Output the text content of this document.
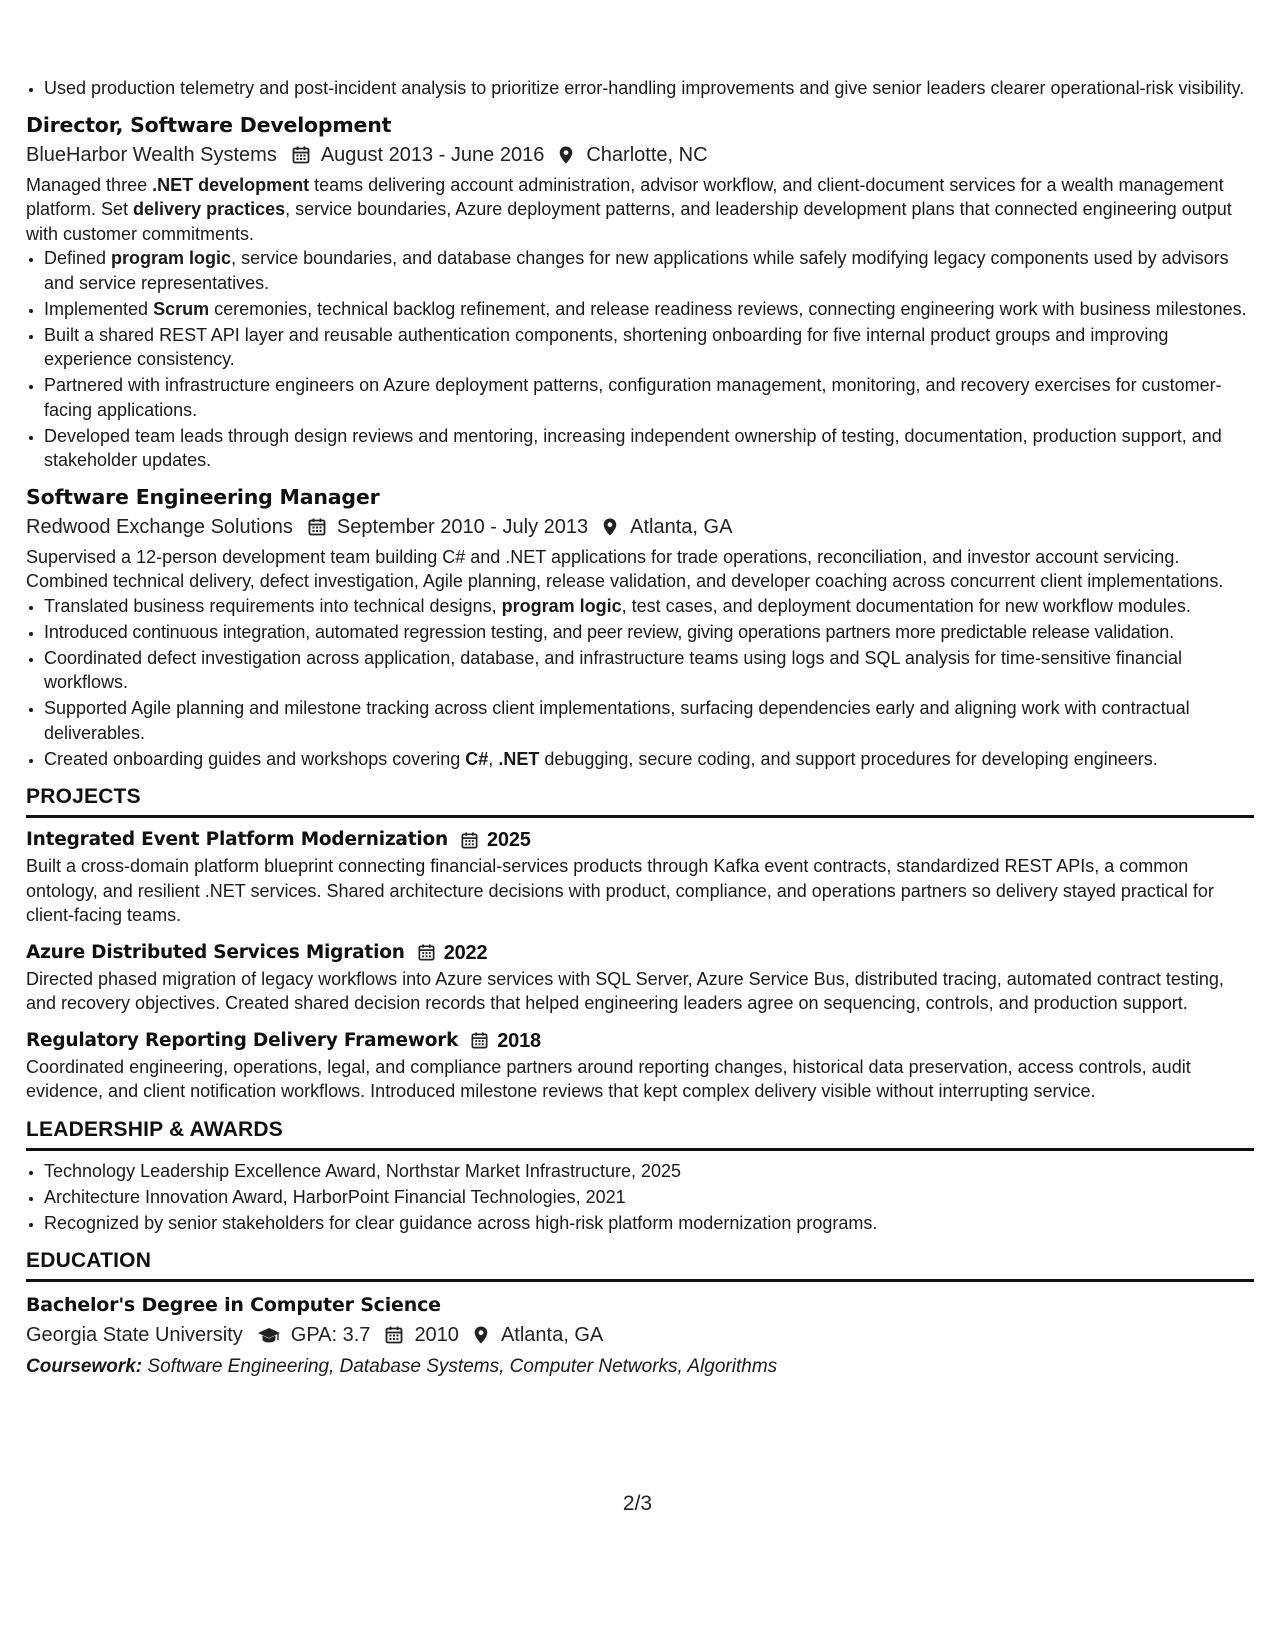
• Used production telemetry and post-incident analysis to prioritize error-handling improvements and give senior leaders clearer operational-risk visibility.
Director, Software Development
BlueHarbor Wealth Systems August 2013 - June 2016 Charlotte, NC

Managed three .NET development teams delivering account administration, advisor workflow, and client-document services for a wealth management platform. Set delivery practices, service boundaries, Azure deployment patterns, and leadership development plans that connected engineering output with customer commitments.

• Defined program logic, service boundaries, and database changes for new applications while safely modifying legacy components used by advisors and service representatives.
• Implemented Scrum ceremonies, technical backlog refinement, and release readiness reviews, connecting engineering work with business milestones.
• Built a shared REST API layer and reusable authentication components, shortening onboarding for five internal product groups and improving experience consistency.
• Partnered with infrastructure engineers on Azure deployment patterns, configuration management, monitoring, and recovery exercises for customer-facing applications.
• Developed team leads through design reviews and mentoring, increasing independent ownership of testing, documentation, production support, and stakeholder updates.
Software Engineering Manager
Redwood Exchange Solutions September 2010 - July 2013 Atlanta, GA

Supervised a 12-person development team building C# and .NET applications for trade operations, reconciliation, and investor account servicing. Combined technical delivery, defect investigation, Agile planning, release validation, and developer coaching across concurrent client implementations.

• Translated business requirements into technical designs, program logic, test cases, and deployment documentation for new workflow modules.
• Introduced continuous integration, automated regression testing, and peer review, giving operations partners more predictable release validation.
• Coordinated defect investigation across application, database, and infrastructure teams using logs and SQL analysis for time-sensitive financial workflows.
• Supported Agile planning and milestone tracking across client implementations, surfacing dependencies early and aligning work with contractual deliverables.
• Created onboarding guides and workshops covering C#, .NET debugging, secure coding, and support procedures for developing engineers.
PROJECTS
Integrated Event Platform Modernization 2025

Built a cross-domain platform blueprint connecting financial-services products through Kafka event contracts, standardized REST APIs, a common ontology, and resilient .NET services. Shared architecture decisions with product, compliance, and operations partners so delivery stayed practical for client-facing teams.

Azure Distributed Services Migration 2022

Directed phased migration of legacy workflows into Azure services with SQL Server, Azure Service Bus, distributed tracing, automated contract testing, and recovery objectives. Created shared decision records that helped engineering leaders agree on sequencing, controls, and production support.

Regulatory Reporting Delivery Framework 2018

Coordinated engineering, operations, legal, and compliance partners around reporting changes, historical data preservation, access controls, audit evidence, and client notification workflows. Introduced milestone reviews that kept complex delivery visible without interrupting service.

LEADERSHIP & AWARDS
• Technology Leadership Excellence Award, Northstar Market Infrastructure, 2025
• Architecture Innovation Award, HarborPoint Financial Technologies, 2021
• Recognized by senior stakeholders for clear guidance across high-risk platform modernization programs.
EDUCATION
Bachelor's Degree in Computer Science
Georgia State University GPA: 3.7 2010 Atlanta, GA
Coursework: Software Engineering, Database Systems, Computer Networks, Algorithms
2/3
